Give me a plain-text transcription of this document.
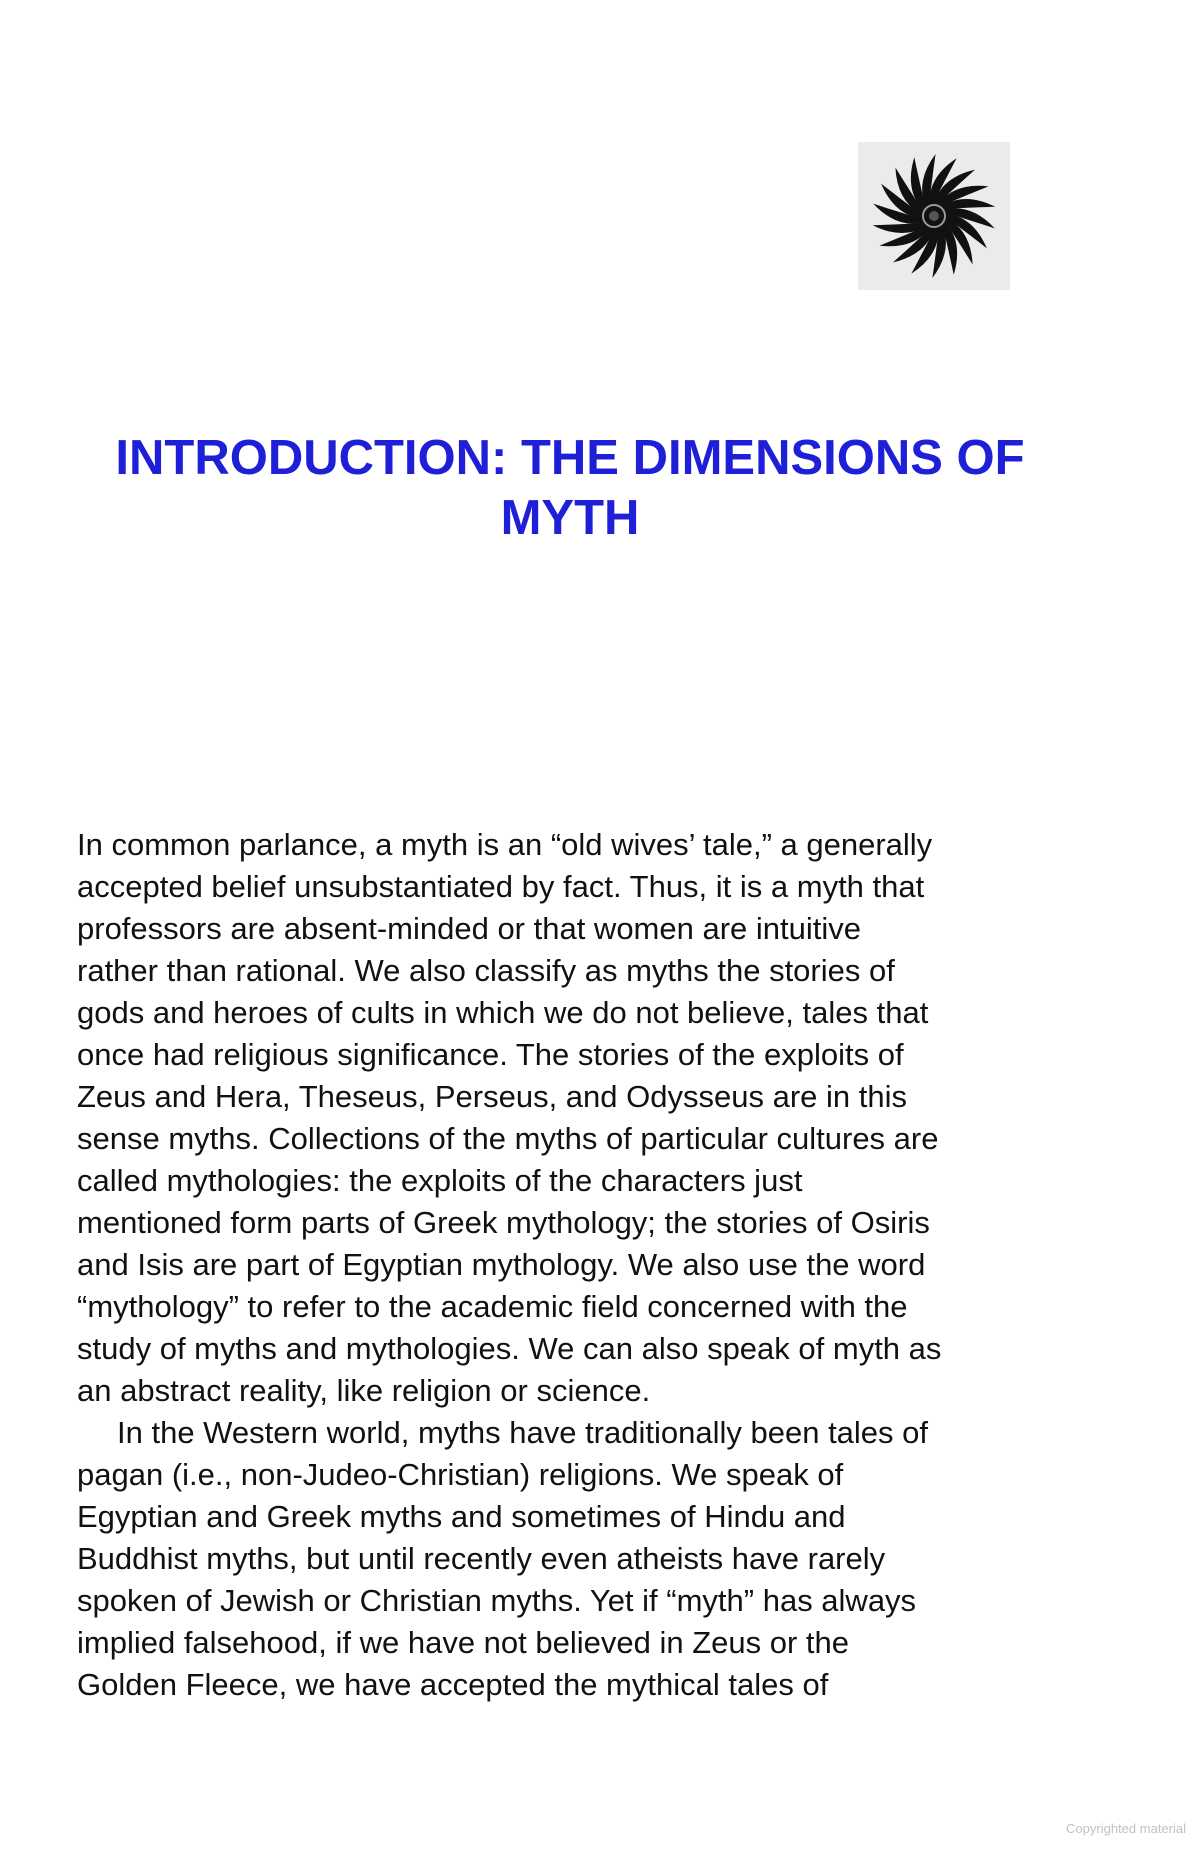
INTRODUCTION: THE DIMENSIONS OF
MYTH

In common parlance, a myth is an “old wives’ tale,” a generally
accepted belief unsubstantiated by fact. Thus, it is a myth that
professors are absent-minded or that women are intuitive
rather than rational. We also classify as myths the stories of
gods and heroes of cults in which we do not believe, tales that
once had religious significance. The stories of the exploits of
Zeus and Hera, Theseus, Perseus, and Odysseus are in this
sense myths. Collections of the myths of particular cultures are
called mythologies: the exploits of the characters just
mentioned form parts of Greek mythology; the stories of Osiris
and Isis are part of Egyptian mythology. We also use the word
“mythology” to refer to the academic field concerned with the
study of myths and mythologies. We can also speak of myth as
an abstract reality, like religion or science.

In the Western world, myths have traditionally been tales of
pagan (i.e., non-Judeo-Christian) religions. We speak of
Egyptian and Greek myths and sometimes of Hindu and
Buddhist myths, but until recently even atheists have rarely
spoken of Jewish or Christian myths. Yet if “myth” has always
implied falsehood, if we have not believed in Zeus or the
Golden Fleece, we have accepted the mythical tales of

Copyrighted material
